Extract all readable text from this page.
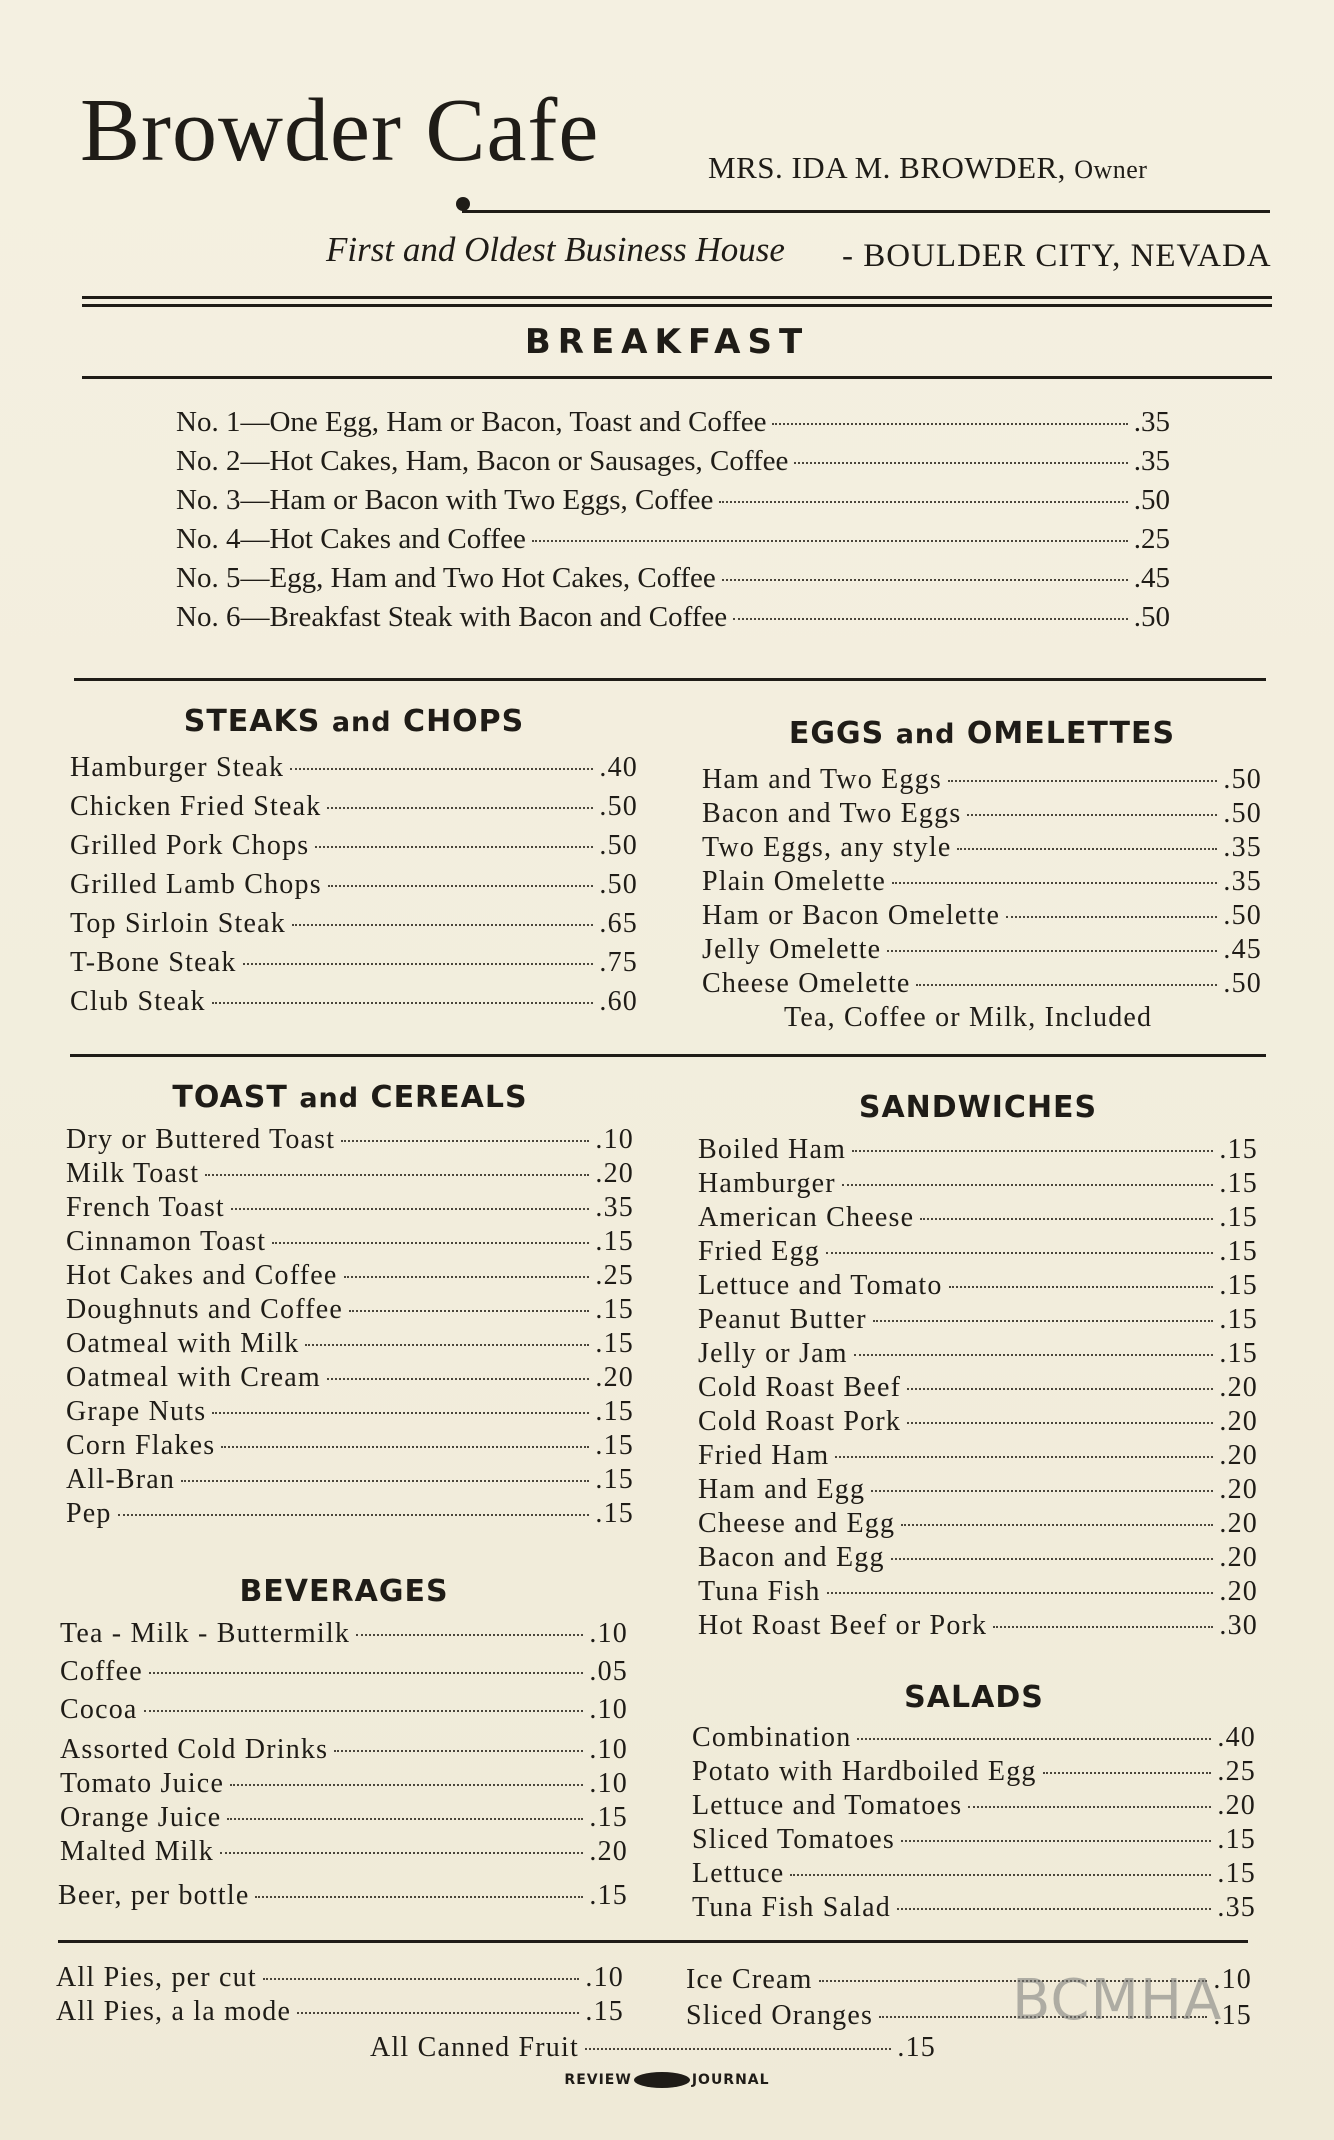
Browder Cafe	MRS. IDA M. BROWDER, Owner
First and Oldest Business House - BOULDER CITY, NEVADA
BREAKFAST
No. 1—One Egg, Ham or Bacon, Toast and Coffee	.35
No. 2—Hot Cakes, Ham, Bacon or Sausages, Coffee	.35
No. 3—Ham or Bacon with Two Eggs, Coffee	.50
No. 4—Hot Cakes and Coffee	.25
No. 5—Egg, Ham and Two Hot Cakes, Coffee	.45
No. 6—Breakfast Steak with Bacon and Coffee	.50
STEAKS and CHOPS
Hamburger Steak	.40
Chicken Fried Steak	.50
Grilled Pork Chops	.50
Grilled Lamb Chops	.50
Top Sirloin Steak	.65
T-Bone Steak	.75
Club Steak	.60
EGGS and OMELETTES
Ham and Two Eggs	.50
Bacon and Two Eggs	.50
Two Eggs, any style	.35
Plain Omelette	.35
Ham or Bacon Omelette	.50
Jelly Omelette	.45
Cheese Omelette	.50
Tea, Coffee or Milk, Included
TOAST and CEREALS
Dry or Buttered Toast	.10
Milk Toast	.20
French Toast	.35
Cinnamon Toast	.15
Hot Cakes and Coffee	.25
Doughnuts and Coffee	.15
Oatmeal with Milk	.15
Oatmeal with Cream	.20
Grape Nuts	.15
Corn Flakes	.15
All-Bran	.15
Pep	.15
SANDWICHES
Boiled Ham	.15
Hamburger	.15
American Cheese	.15
Fried Egg	.15
Lettuce and Tomato	.15
Peanut Butter	.15
Jelly or Jam	.15
Cold Roast Beef	.20
Cold Roast Pork	.20
Fried Ham	.20
Ham and Egg	.20
Cheese and Egg	.20
Bacon and Egg	.20
Tuna Fish	.20
Hot Roast Beef or Pork	.30
BEVERAGES
Tea - Milk - Buttermilk	.10
Coffee	.05
Cocoa	.10
Assorted Cold Drinks	.10
Tomato Juice	.10
Orange Juice	.15
Malted Milk	.20
Beer, per bottle	.15
SALADS
Combination	.40
Potato with Hardboiled Egg	.25
Lettuce and Tomatoes	.20
Sliced Tomatoes	.15
Lettuce	.15
Tuna Fish Salad	.35
All Pies, per cut	.10
All Pies, a la mode	.15
Ice Cream	.10
Sliced Oranges	.15
All Canned Fruit	.15
REVIEW	JOURNAL
BCMHA
